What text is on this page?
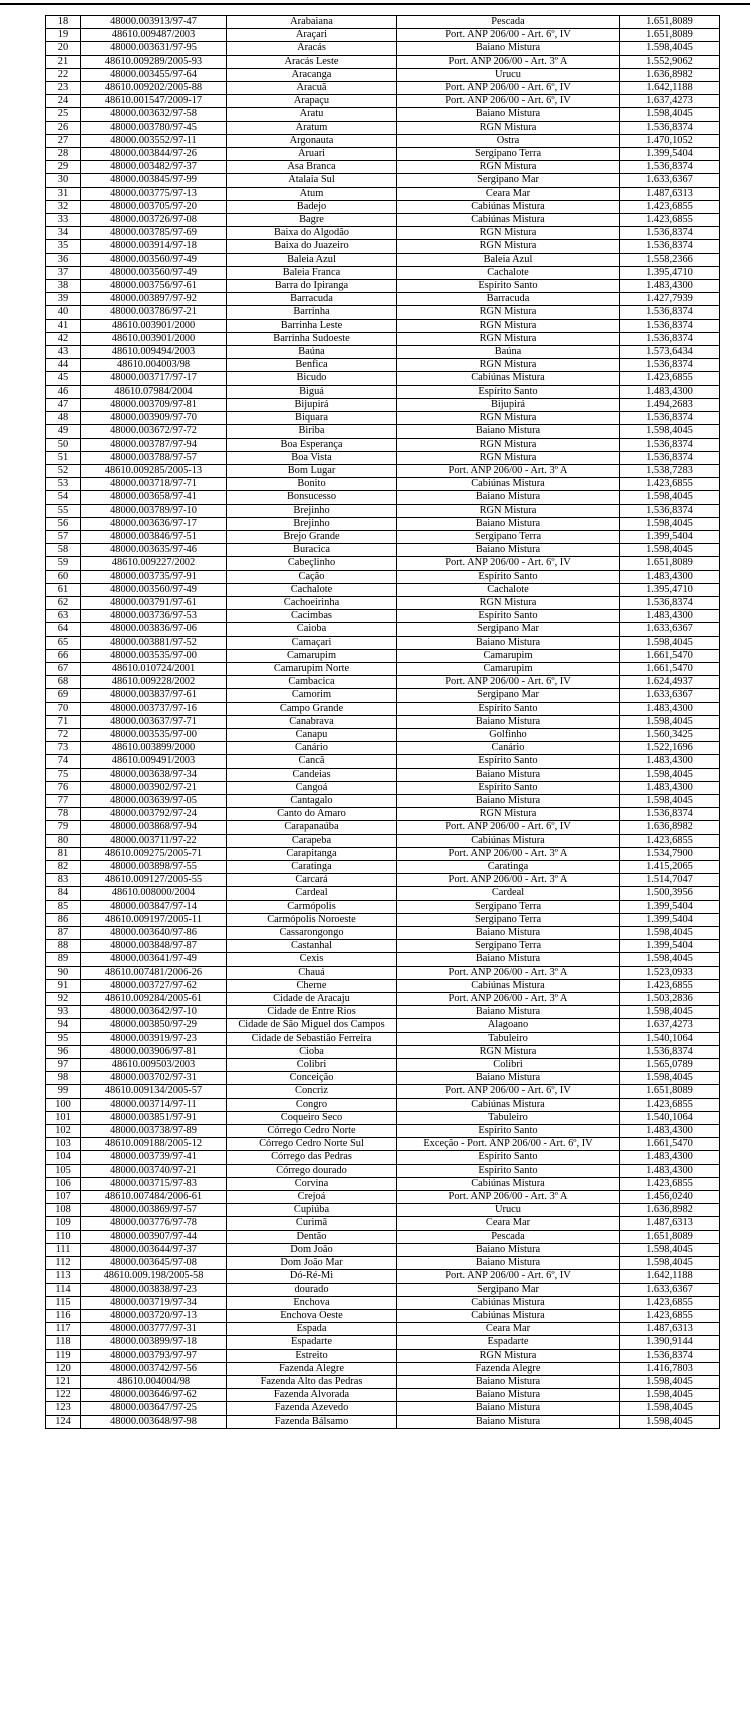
18	48000.003913/97-47	Arabaiana	Pescada	1.651,8089
19	48610.009487/2003	Araçari	Port. ANP 206/00 - Art. 6º, IV	1.651,8089
20	48000.003631/97-95	Aracás	Baiano Mistura	1.598,4045
21	48610.009289/2005-93	Aracás Leste	Port. ANP 206/00 - Art. 3º A	1.552,9062
22	48000.003455/97-64	Aracanga	Urucu	1.636,8982
23	48610.009202/2005-88	Aracuã	Port. ANP 206/00 - Art. 6º, IV	1.642,1188
24	48610.001547/2009-17	Arapaçu	Port. ANP 206/00 - Art. 6º, IV	1.637,4273
25	48000.003632/97-58	Aratu	Baiano Mistura	1.598,4045
26	48000.003780/97-45	Aratum	RGN Mistura	1.536,8374
27	48000.003552/97-11	Argonauta	Ostra	1.470,1052
28	48000.003844/97-26	Aruari	Sergipano Terra	1.399,5404
29	48000.003482/97-37	Asa Branca	RGN Mistura	1.536,8374
30	48000.003845/97-99	Atalaia Sul	Sergipano Mar	1.633,6367
31	48000.003775/97-13	Atum	Ceara Mar	1.487,6313
32	48000.003705/97-20	Badejo	Cabiúnas Mistura	1.423,6855
33	48000.003726/97-08	Bagre	Cabiúnas Mistura	1.423,6855
34	48000.003785/97-69	Baixa do Algodão	RGN Mistura	1.536,8374
35	48000.003914/97-18	Baixa do Juazeiro	RGN Mistura	1.536,8374
36	48000.003560/97-49	Baleia Azul	Baleia Azul	1.558,2366
37	48000.003560/97-49	Baleia Franca	Cachalote	1.395,4710
38	48000.003756/97-61	Barra do Ipiranga	Espírito Santo	1.483,4300
39	48000.003897/97-92	Barracuda	Barracuda	1.427,7939
40	48000.003786/97-21	Barrinha	RGN Mistura	1.536,8374
41	48610.003901/2000	Barrinha Leste	RGN Mistura	1.536,8374
42	48610.003901/2000	Barrinha Sudoeste	RGN Mistura	1.536,8374
43	48610.009494/2003	Baúna	Baúna	1.573,6434
44	48610.004003/98	Benfica	RGN Mistura	1.536,8374
45	48000.003717/97-17	Bicudo	Cabiúnas Mistura	1.423,6855
46	48610.07984/2004	Biguá	Espírito Santo	1.483,4300
47	48000.003709/97-81	Bijupirá	Bijupirá	1.494,2683
48	48000.003909/97-70	Biquara	RGN Mistura	1.536,8374
49	48000.003672/97-72	Biriba	Baiano Mistura	1.598,4045
50	48000.003787/97-94	Boa Esperança	RGN Mistura	1.536,8374
51	48000.003788/97-57	Boa Vista	RGN Mistura	1.536,8374
52	48610.009285/2005-13	Bom Lugar	Port. ANP 206/00 - Art. 3º A	1.538,7283
53	48000.003718/97-71	Bonito	Cabiúnas Mistura	1.423,6855
54	48000.003658/97-41	Bonsucesso	Baiano Mistura	1.598,4045
55	48000.003789/97-10	Brejinho	RGN Mistura	1.536,8374
56	48000.003636/97-17	Brejinho	Baiano Mistura	1.598,4045
57	48000.003846/97-51	Brejo Grande	Sergipano Terra	1.399,5404
58	48000.003635/97-46	Buracica	Baiano Mistura	1.598,4045
59	48610.009227/2002	Cabeçlinho	Port. ANP 206/00 - Art. 6º, IV	1.651,8089
60	48000.003735/97-91	Cação	Espírito Santo	1.483,4300
61	48000.003560/97-49	Cachalote	Cachalote	1.395,4710
62	48000.003791/97-61	Cachoeirinha	RGN Mistura	1.536,8374
63	48000.003736/97-53	Cacimbas	Espírito Santo	1.483,4300
64	48000.003836/97-06	Caioba	Sergipano Mar	1.633,6367
65	48000.003881/97-52	Camaçari	Baiano Mistura	1.598,4045
66	48000.003535/97-00	Camarupim	Camarupim	1.661,5470
67	48610.010724/2001	Camarupim Norte	Camarupim	1.661,5470
68	48610.009228/2002	Cambacica	Port. ANP 206/00 - Art. 6º, IV	1.624,4937
69	48000.003837/97-61	Camorim	Sergipano Mar	1.633,6367
70	48000.003737/97-16	Campo Grande	Espírito Santo	1.483,4300
71	48000.003637/97-71	Canabrava	Baiano Mistura	1.598,4045
72	48000.003535/97-00	Canapu	Golfinho	1.560,3425
73	48610.003899/2000	Canário	Canário	1.522,1696
74	48610.009491/2003	Cancã	Espírito Santo	1.483,4300
75	48000.003638/97-34	Candeias	Baiano Mistura	1.598,4045
76	48000.003902/97-21	Cangoá	Espírito Santo	1.483,4300
77	48000.003639/97-05	Cantagalo	Baiano Mistura	1.598,4045
78	48000.003792/97-24	Canto do Amaro	RGN Mistura	1.536,8374
79	48000.003868/97-94	Carapanaúba	Port. ANP 206/00 - Art. 6º, IV	1.636,8982
80	48000.003711/97-22	Carapeba	Cabiúnas Mistura	1.423,6855
81	48610.009275/2005-71	Carapitanga	Port. ANP 206/00 - Art. 3º A	1.534,7900
82	48000.003898/97-55	Caratinga	Caratinga	1.415,2065
83	48610.009127/2005-55	Carcará	Port. ANP 206/00 - Art. 3º A	1.514,7047
84	48610.008000/2004	Cardeal	Cardeal	1.500,3956
85	48000.003847/97-14	Carmópolis	Sergipano Terra	1.399,5404
86	48610.009197/2005-11	Carmópolis Noroeste	Sergipano Terra	1.399,5404
87	48000.003640/97-86	Cassarongongo	Baiano Mistura	1.598,4045
88	48000.003848/97-87	Castanhal	Sergipano Terra	1.399,5404
89	48000.003641/97-49	Cexis	Baiano Mistura	1.598,4045
90	48610.007481/2006-26	Chauá	Port. ANP 206/00 - Art. 3º A	1.523,0933
91	48000.003727/97-62	Cherne	Cabiúnas Mistura	1.423,6855
92	48610.009284/2005-61	Cidade de Aracaju	Port. ANP 206/00 - Art. 3º A	1.503,2836
93	48000.003642/97-10	Cidade de Entre Rios	Baiano Mistura	1.598,4045
94	48000.003850/97-29	Cidade de São Miguel dos Campos	Alagoano	1.637,4273
95	48000.003919/97-23	Cidade de Sebastião Ferreira	Tabuleiro	1.540,1064
96	48000.003906/97-81	Cioba	RGN Mistura	1.536,8374
97	48610.009503/2003	Colibri	Colibri	1.565,0789
98	48000.003702/97-31	Conceição	Baiano Mistura	1.598,4045
99	48610.009134/2005-57	Concriz	Port. ANP 206/00 - Art. 6º, IV	1.651,8089
100	48000.003714/97-11	Congro	Cabiúnas Mistura	1.423,6855
101	48000.003851/97-91	Coqueiro Seco	Tabuleiro	1.540,1064
102	48000.003738/97-89	Córrego Cedro Norte	Espírito Santo	1.483,4300
103	48610.009188/2005-12	Córrego Cedro Norte Sul	Exceção - Port. ANP 206/00 - Art. 6º, IV	1.661,5470
104	48000.003739/97-41	Córrego das Pedras	Espírito Santo	1.483,4300
105	48000.003740/97-21	Córrego dourado	Espírito Santo	1.483,4300
106	48000.003715/97-83	Corvina	Cabiúnas Mistura	1.423,6855
107	48610.007484/2006-61	Crejoá	Port. ANP 206/00 - Art. 3º A	1.456,0240
108	48000.003869/97-57	Cupiúba	Urucu	1.636,8982
109	48000.003776/97-78	Curimã	Ceara Mar	1.487,6313
110	48000.003907/97-44	Dentão	Pescada	1.651,8089
111	48000.003644/97-37	Dom João	Baiano Mistura	1.598,4045
112	48000.003645/97-08	Dom João Mar	Baiano Mistura	1.598,4045
113	48610.009.198/2005-58	Dó-Ré-Mi	Port. ANP 206/00 - Art. 6º, IV	1.642,1188
114	48000.003838/97-23	dourado	Sergipano Mar	1.633,6367
115	48000.003719/97-34	Enchova	Cabiúnas Mistura	1.423,6855
116	48000.003720/97-13	Enchova Oeste	Cabiúnas Mistura	1.423,6855
117	48000.003777/97-31	Espada	Ceara Mar	1.487,6313
118	48000.003899/97-18	Espadarte	Espadarte	1.390,9144
119	48000.003793/97-97	Estreito	RGN Mistura	1.536,8374
120	48000.003742/97-56	Fazenda Alegre	Fazenda Alegre	1.416,7803
121	48610.004004/98	Fazenda Alto das Pedras	Baiano Mistura	1.598,4045
122	48000.003646/97-62	Fazenda Alvorada	Baiano Mistura	1.598,4045
123	48000.003647/97-25	Fazenda Azevedo	Baiano Mistura	1.598,4045
124	48000.003648/97-98	Fazenda Bálsamo	Baiano Mistura	1.598,4045
